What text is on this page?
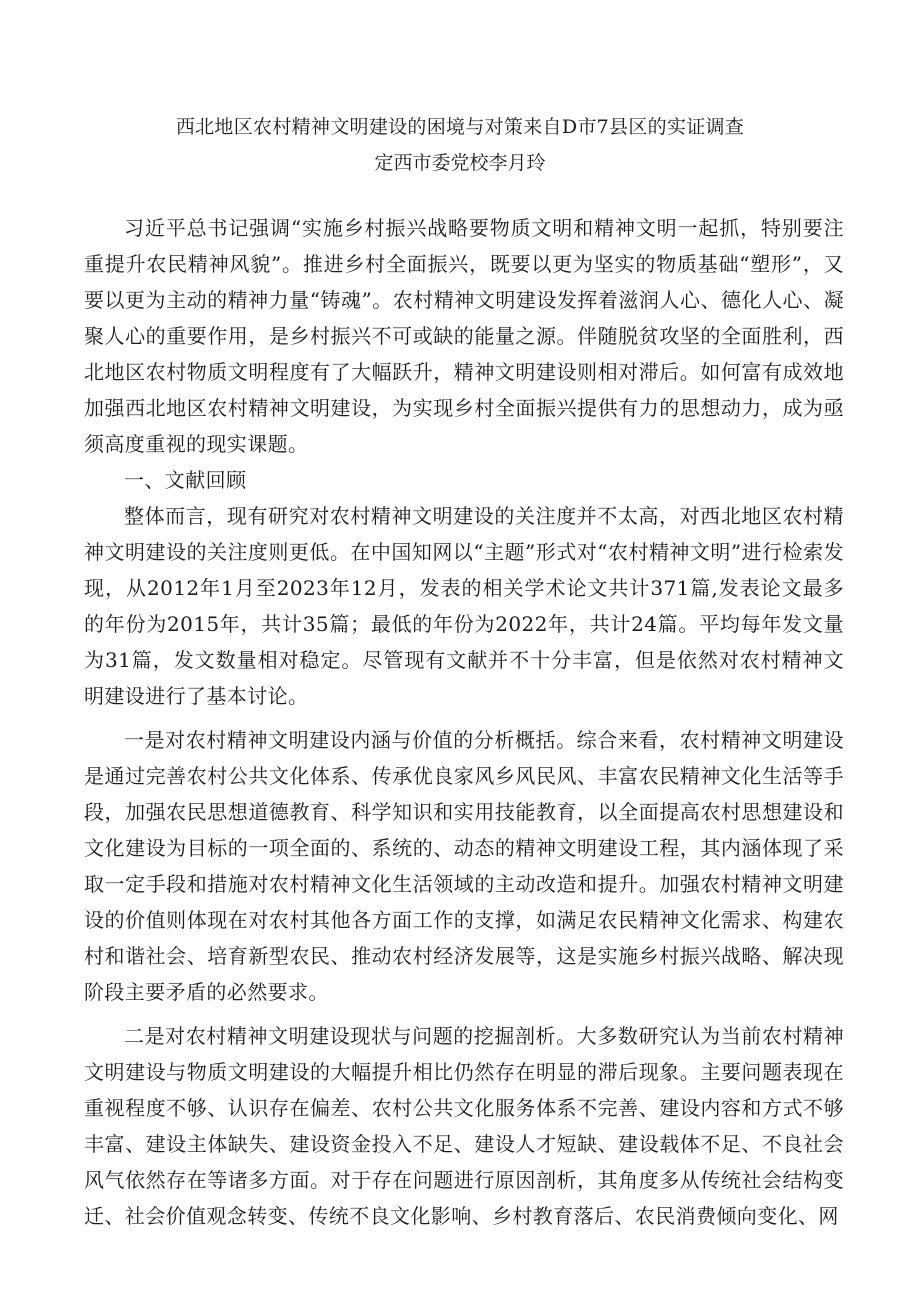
西北地区农村精神文明建设的困境与对策来自D市7县区的实证调查
定西市委党校李月玲

习近平总书记强调“实施乡村振兴战略要物质文明和精神文明一起抓，特别要注重提升农民精神风貌”。推进乡村全面振兴，既要以更为坚实的物质基础“塑形”，又要以更为主动的精神力量“铸魂”。农村精神文明建设发挥着滋润人心、德化人心、凝聚人心的重要作用，是乡村振兴不可或缺的能量之源。伴随脱贫攻坚的全面胜利，西北地区农村物质文明程度有了大幅跃升，精神文明建设则相对滞后。如何富有成效地加强西北地区农村精神文明建设，为实现乡村全面振兴提供有力的思想动力，成为亟须高度重视的现实课题。

一、文献回顾

整体而言，现有研究对农村精神文明建设的关注度并不太高，对西北地区农村精神文明建设的关注度则更低。在中国知网以“主题”形式对“农村精神文明”进行检索发现，从2012年1月至2023年12月，发表的相关学术论文共计371篇,发表论文最多的年份为2015年，共计35篇；最低的年份为2022年，共计24篇。平均每年发文量为31篇，发文数量相对稳定。尽管现有文献并不十分丰富，但是依然对农村精神文明建设进行了基本讨论。

一是对农村精神文明建设内涵与价值的分析概括。综合来看，农村精神文明建设是通过完善农村公共文化体系、传承优良家风乡风民风、丰富农民精神文化生活等手段，加强农民思想道德教育、科学知识和实用技能教育，以全面提高农村思想建设和文化建设为目标的一项全面的、系统的、动态的精神文明建设工程，其内涵体现了采取一定手段和措施对农村精神文化生活领域的主动改造和提升。加强农村精神文明建设的价值则体现在对农村其他各方面工作的支撑，如满足农民精神文化需求、构建农村和谐社会、培育新型农民、推动农村经济发展等，这是实施乡村振兴战略、解决现阶段主要矛盾的必然要求。

二是对农村精神文明建设现状与问题的挖掘剖析。大多数研究认为当前农村精神文明建设与物质文明建设的大幅提升相比仍然存在明显的滞后现象。主要问题表现在重视程度不够、认识存在偏差、农村公共文化服务体系不完善、建设内容和方式不够丰富、建设主体缺失、建设资金投入不足、建设人才短缺、建设载体不足、不良社会风气依然存在等诸多方面。对于存在问题进行原因剖析，其角度多从传统社会结构变迁、社会价值观念转变、传统不良文化影响、乡村教育落后、农民消费倾向变化、网
